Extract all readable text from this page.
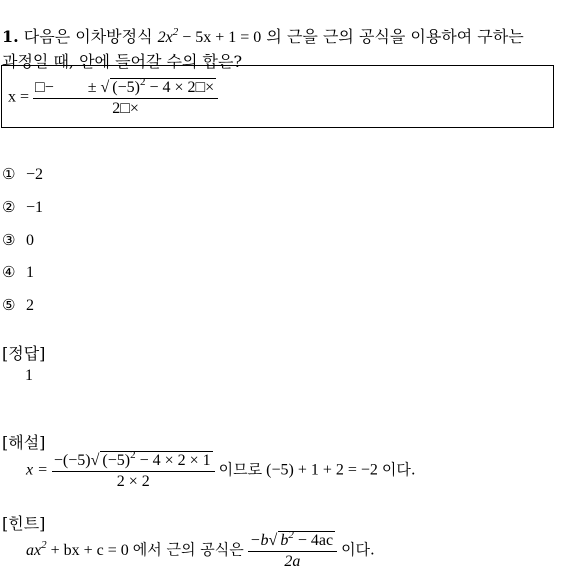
1. 다음은 이차방정식 $2x^2 - 5x + 1 = 0$ 의 근을 근의 공식을 이용하여 구하는
과정일 때, 안에 들어갈 수의 합은?
$x = \frac{□- \pm √ (-5)^2 - 4 \times 2□\times}{2□\times}$
① −2
② −1
③ 0
④ 1
⑤ 2
[정답]
1
[해설]
$x = \frac{-(-5)√ (-5)^2 - 4 \times 2 \times 1}{2 \times 2}$ 이므로 (−5) + 1 + 2 = −2 이다.
[힌트]
$ax^2$ + bx + c = 0 에서 근의 공식은 $\frac{-b√ b^2 - 4ac}{2a}$ 이다.
